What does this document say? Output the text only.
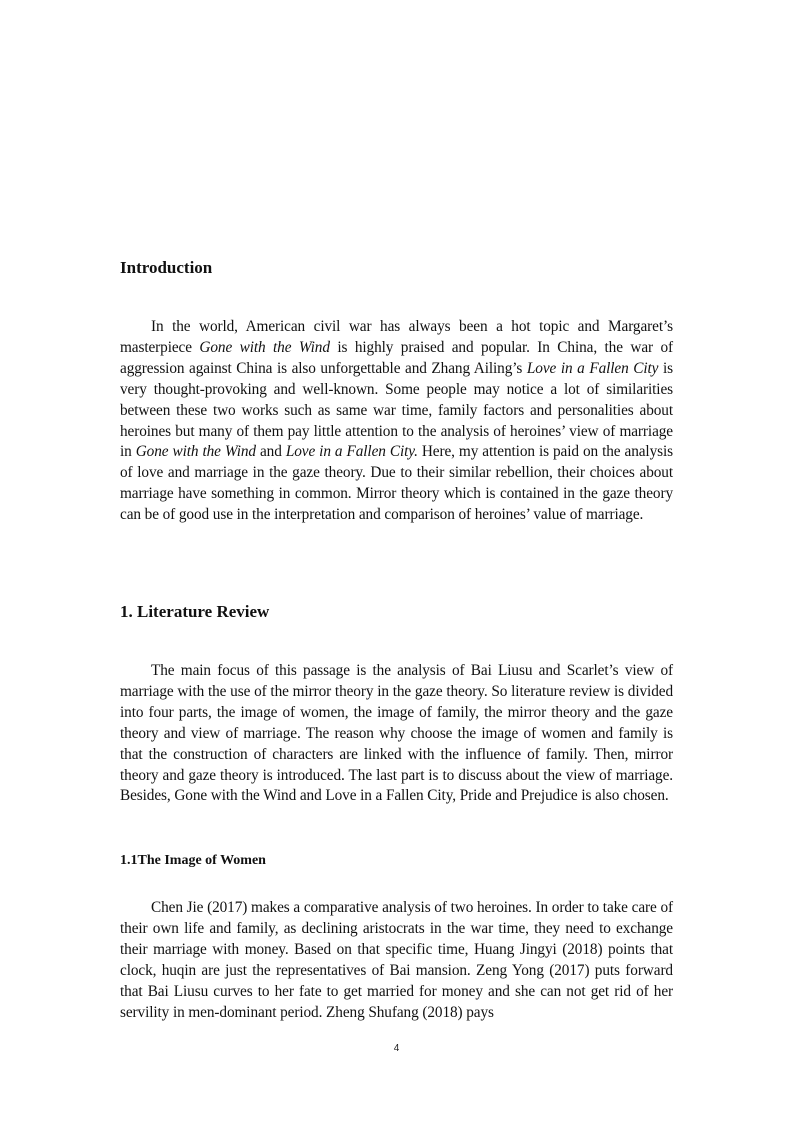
Introduction

In the world, American civil war has always been a hot topic and Margaret’s masterpiece Gone with the Wind is highly praised and popular. In China, the war of aggression against China is also unforgettable and Zhang Ailing’s Love in a Fallen City is very thought-provoking and well-known. Some people may notice a lot of similarities between these two works such as same war time, family factors and personalities about heroines but many of them pay little attention to the analysis of heroines’ view of marriage in Gone with the Wind and Love in a Fallen City. Here, my attention is paid on the analysis of love and marriage in the gaze theory. Due to their similar rebellion, their choices about marriage have something in common. Mirror theory which is contained in the gaze theory can be of good use in the interpretation and comparison of heroines’ value of marriage.

1. Literature Review

The main focus of this passage is the analysis of Bai Liusu and Scarlet’s view of marriage with the use of the mirror theory in the gaze theory. So literature review is divided into four parts, the image of women, the image of family, the mirror theory and the gaze theory and view of marriage. The reason why choose the image of women and family is that the construction of characters are linked with the influence of family. Then, mirror theory and gaze theory is introduced. The last part is to discuss about the view of marriage. Besides, Gone with the Wind and Love in a Fallen City, Pride and Prejudice is also chosen.

1.1The Image of Women

Chen Jie (2017) makes a comparative analysis of two heroines. In order to take care of their own life and family, as declining aristocrats in the war time, they need to exchange their marriage with money. Based on that specific time, Huang Jingyi (2018) points that clock, huqin are just the representatives of Bai mansion. Zeng Yong (2017) puts forward that Bai Liusu curves to her fate to get married for money and she can not get rid of her servility in men-dominant period. Zheng Shufang (2018) pays

4
